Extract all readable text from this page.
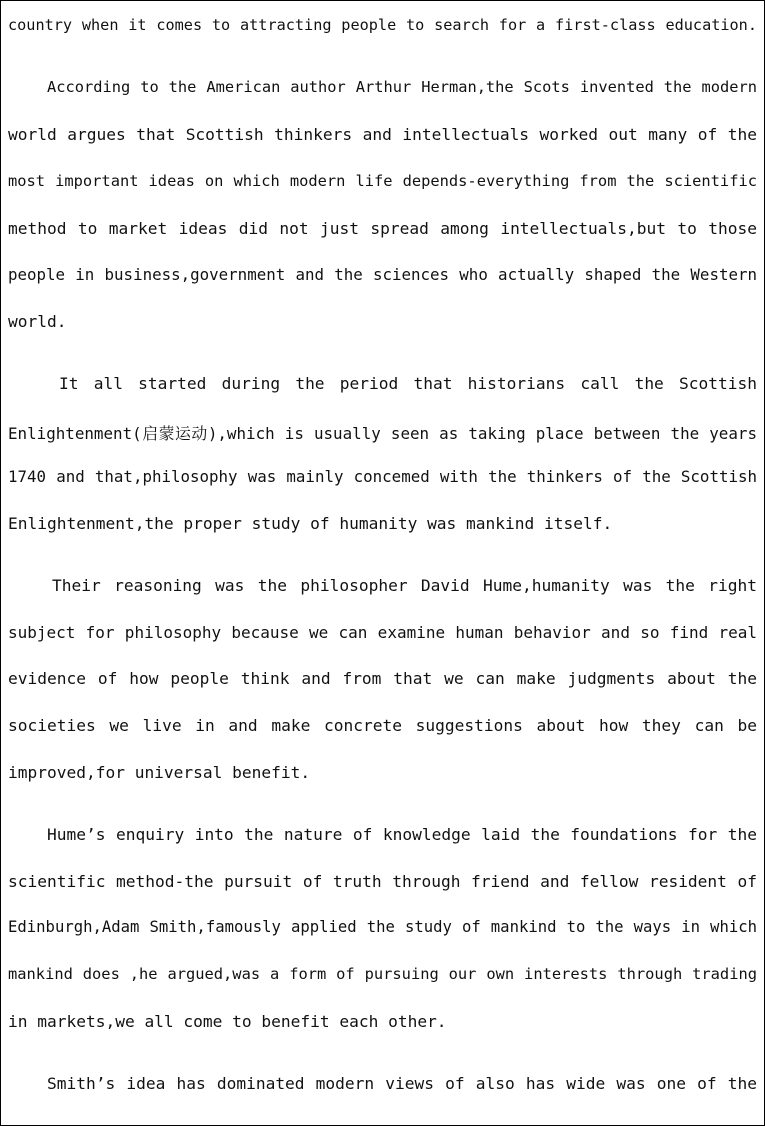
country when it comes to attracting people to search for a first-class education.
According to the American author Arthur Herman,the Scots invented the modern
world argues that Scottish thinkers and intellectuals worked out many of the
most important ideas on which modern life depends-everything from the scientific
method to market ideas did not just spread among intellectuals,but to those
people in business,government and the sciences who actually shaped the Western
world.
It all started during the period that historians call the Scottish
Enlightenment(启蒙运动),which is usually seen as taking place between the years
1740 and that,philosophy was mainly concemed with the thinkers of the Scottish
Enlightenment,the proper study of humanity was mankind itself.
Their reasoning was the philosopher David Hume,humanity was the right
subject for philosophy because we can examine human behavior and so find real
evidence of how people think and from that we can make judgments about the
societies we live in and make concrete suggestions about how they can be
improved,for universal benefit.
Hume’s enquiry into the nature of knowledge laid the foundations for the
scientific method-the pursuit of truth through friend and fellow resident of
Edinburgh,Adam Smith,famously applied the study of mankind to the ways in which
mankind does ,he argued,was a form of pursuing our own interests through trading
in markets,we all come to benefit each other.
Smith’s idea has dominated modern views of also has wide was one of the
